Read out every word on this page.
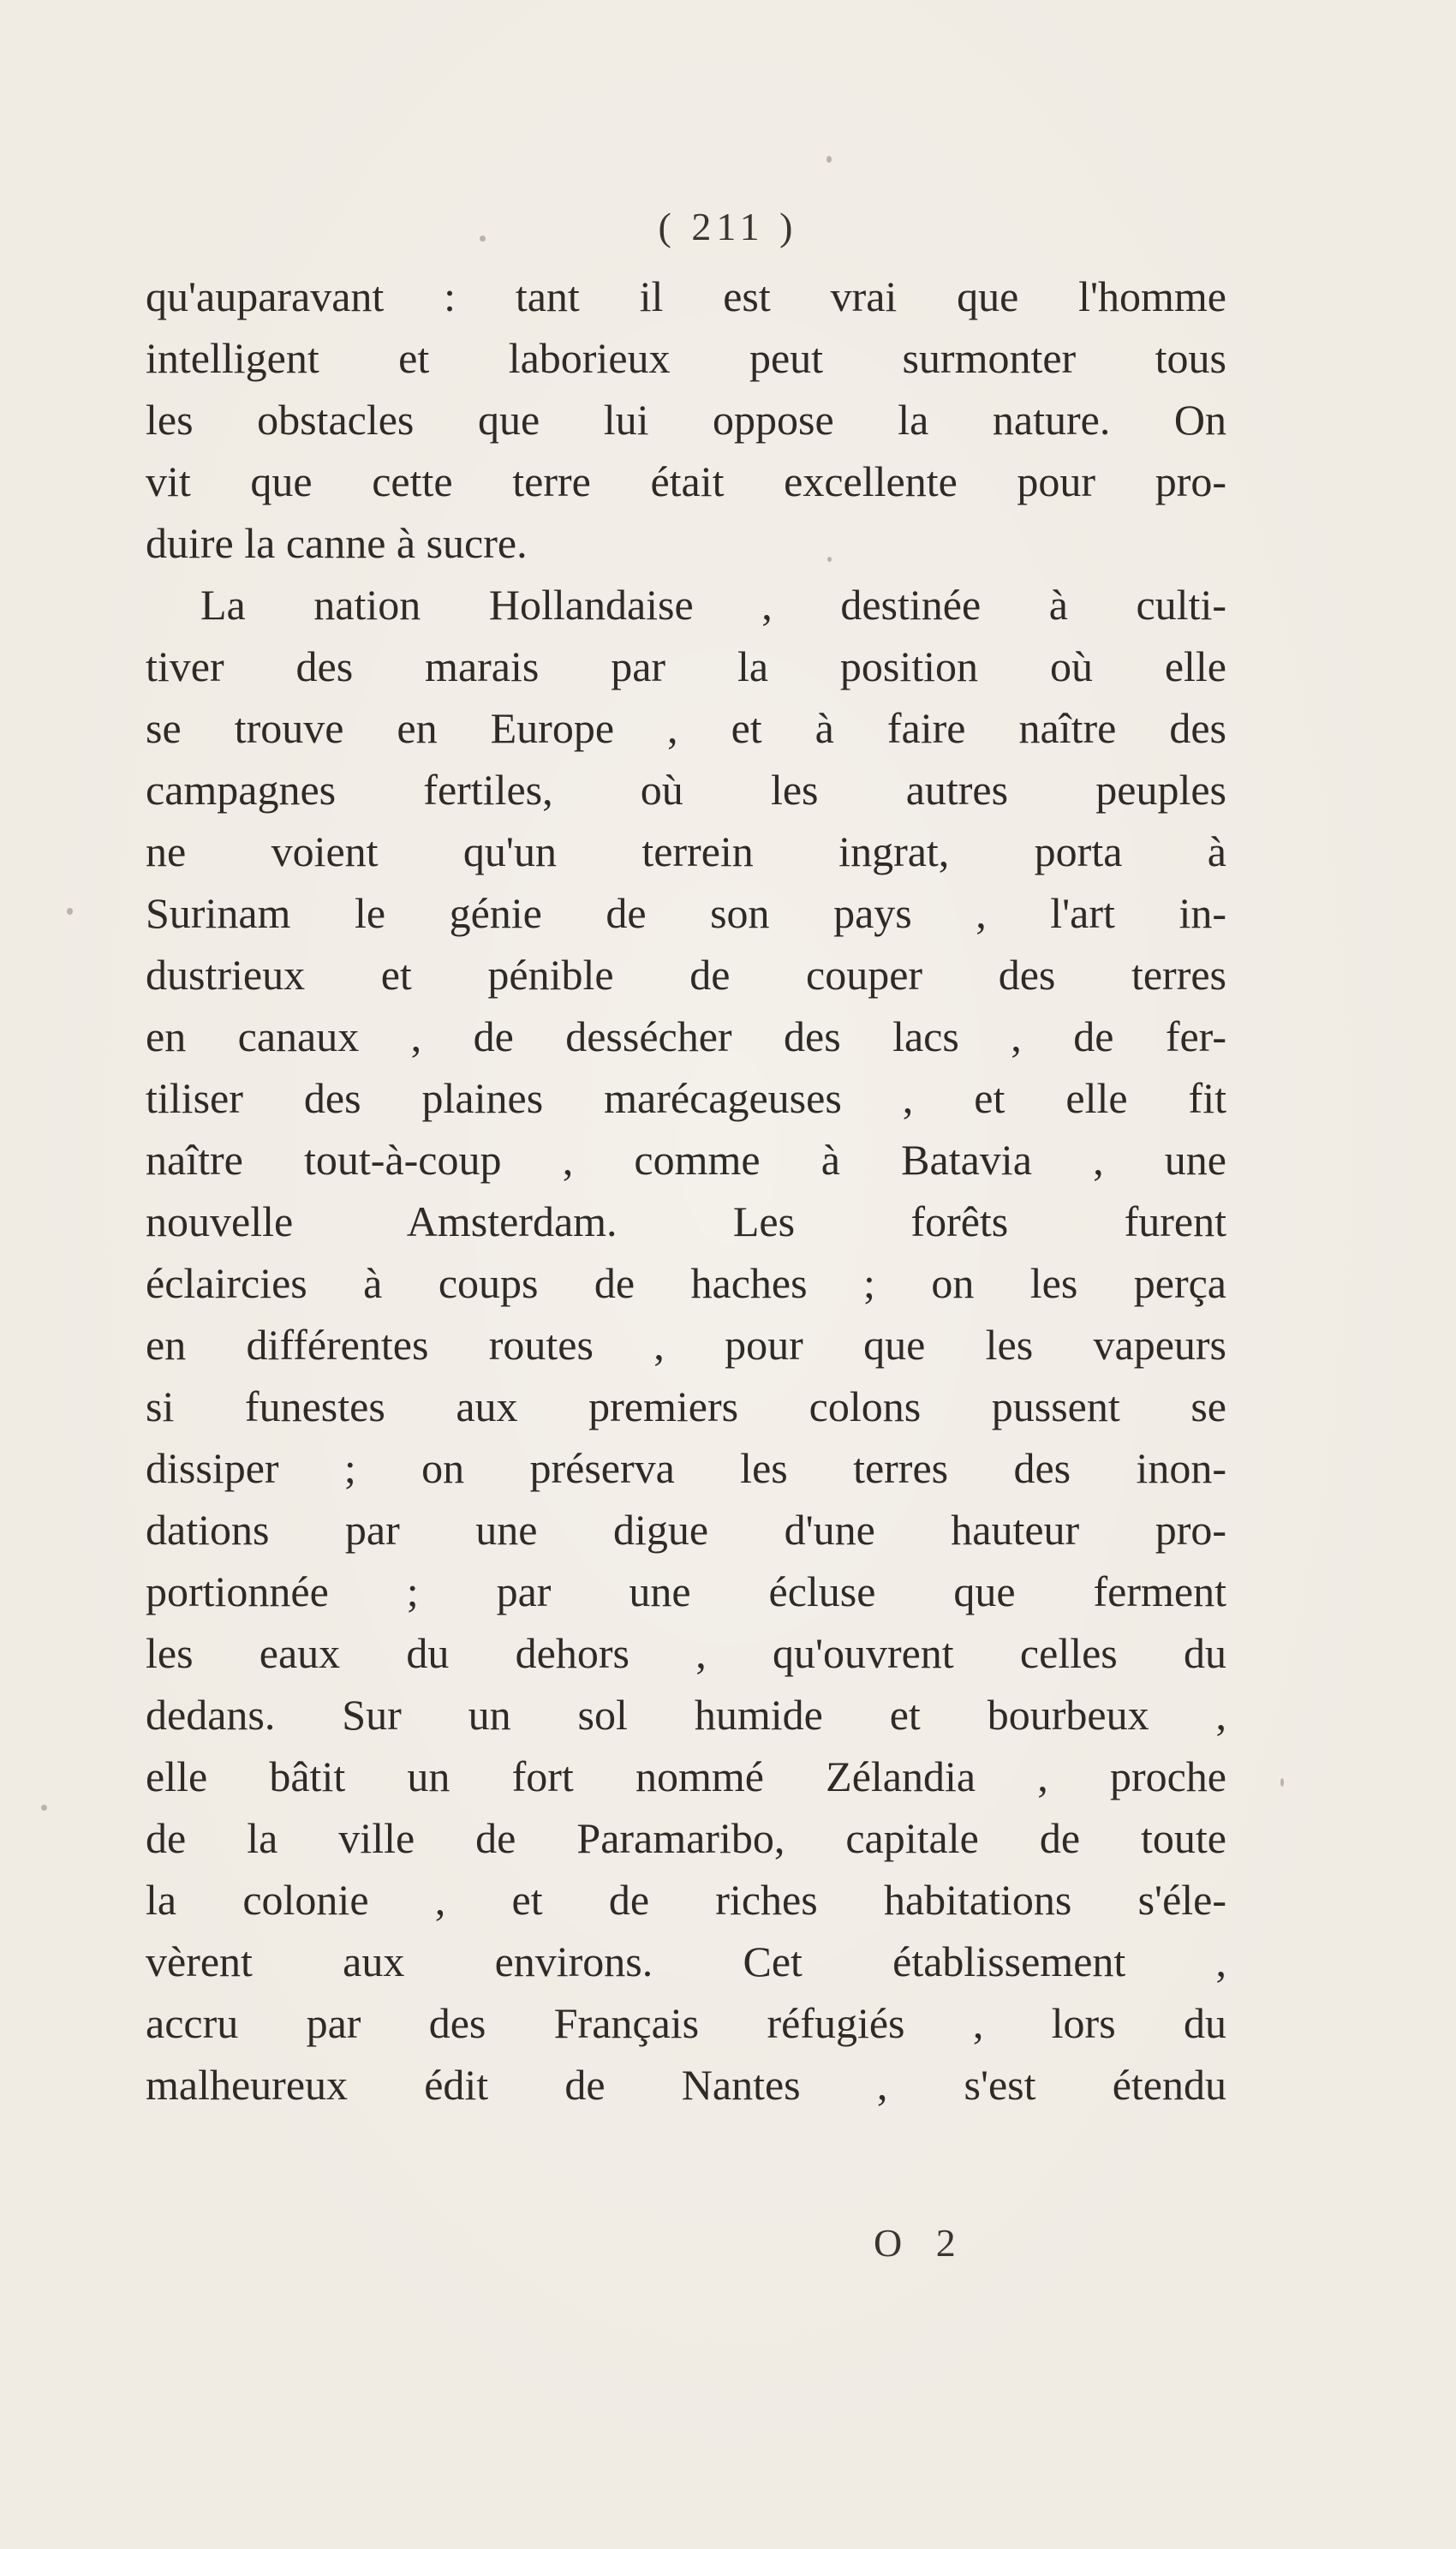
( 211 )
qu'auparavant : tant il est vrai que l'homme
intelligent et laborieux peut surmonter tous
les obstacles que lui oppose la nature. On
vit que cette terre était excellente pour pro-
duire la canne à sucre.
La nation Hollandaise , destinée à culti-
tiver des marais par la position où elle
se trouve en Europe , et à faire naître des
campagnes fertiles, où les autres peuples
ne voient qu'un terrein ingrat, porta à
Surinam le génie de son pays , l'art in-
dustrieux et pénible de couper des terres
en canaux , de dessécher des lacs , de fer-
tiliser des plaines marécageuses , et elle fit
naître tout-à-coup , comme à Batavia , une
nouvelle Amsterdam. Les forêts furent
éclaircies à coups de haches ; on les perça
en différentes routes , pour que les vapeurs
si funestes aux premiers colons pussent se
dissiper ; on préserva les terres des inon-
dations par une digue d'une hauteur pro-
portionnée ; par une écluse que ferment
les eaux du dehors , qu'ouvrent celles du
dedans. Sur un sol humide et bourbeux ,
elle bâtit un fort nommé Zélandia , proche
de la ville de Paramaribo, capitale de toute
la colonie , et de riches habitations s'éle-
vèrent aux environs. Cet établissement ,
accru par des Français réfugiés , lors du
malheureux édit de Nantes , s'est étendu
O 2
